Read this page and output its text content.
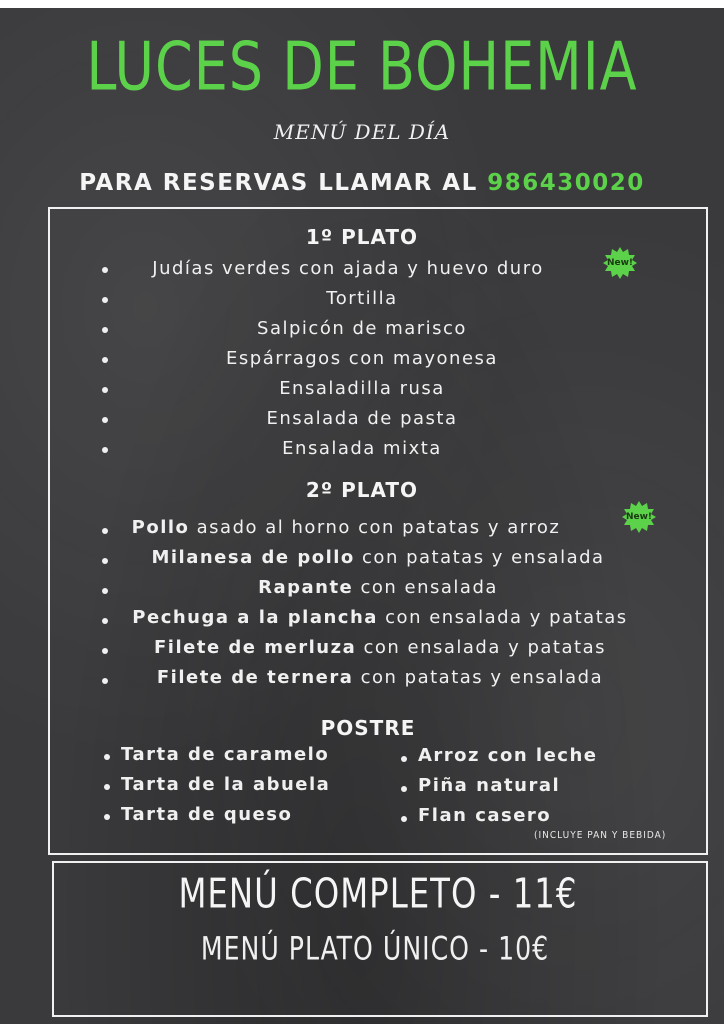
LUCES DE BOHEMIA
MENÚ DEL DÍA
PARA RESERVAS LLAMAR AL 986430020
1º PLATO
Judías verdes con ajada y huevo duro	New!
Tortilla
Salpicón de marisco
Espárragos con mayonesa
Ensaladilla rusa
Ensalada de pasta
Ensalada mixta
2º PLATO
New!
Pollo asado al horno con patatas y arroz
Milanesa de pollo con patatas y ensalada
Rapante con ensalada
Pechuga a la plancha con ensalada y patatas
Filete de merluza con ensalada y patatas
Filete de ternera con patatas y ensalada
POSTRE
Tarta de caramelo
Tarta de la abuela
Tarta de queso
Arroz con leche
Piña natural
Flan casero
(INCLUYE PAN Y BEBIDA)
MENÚ COMPLETO - 11€
MENÚ PLATO ÚNICO - 10€
